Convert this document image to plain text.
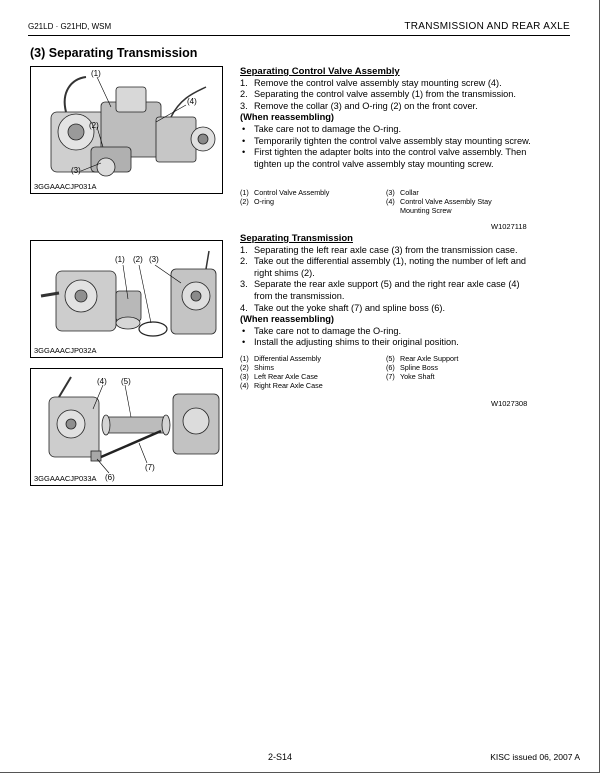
G21LD · G21HD, WSM	TRANSMISSION AND REAR AXLE
(3) Separating Transmission
(1)
(4)
(2)
(3)
3GGAAACJP031A
Separating Control Valve Assembly
1. Remove the control valve assembly stay mounting screw (4).
2. Separating the control valve assembly (1) from the transmission.
3. Remove the collar (3) and O-ring (2) on the front cover.
(When reassembling)
• Take care not to damage the O-ring.
• Temporarily tighten the control valve assembly stay mounting screw.
• First tighten the adapter bolts into the control valve assembly. Then tighten up the control valve assembly stay mounting screw.
(1) Control Valve Assembly
(2) O-ring
(3) Collar
(4) Control Valve Assembly Stay Mounting Screw
W1027118
(1) (2) (3)
3GGAAACJP032A
(4) (5)
(7)
(6)
3GGAAACJP033A
Separating Transmission
1. Separating the left rear axle case (3) from the transmission case.
2. Take out the differential assembly (1), noting the number of left and right shims (2).
3. Separate the rear axle support (5) and the right rear axle case (4) from the transmission.
4. Take out the yoke shaft (7) and spline boss (6).
(When reassembling)
• Take care not to damage the O-ring.
• Install the adjusting shims to their original position.
(1) Differential Assembly
(2) Shims
(3) Left Rear Axle Case
(4) Right Rear Axle Case
(5) Rear Axle Support
(6) Spline Boss
(7) Yoke Shaft
W1027308
2-S14	KISC issued 06, 2007 A
